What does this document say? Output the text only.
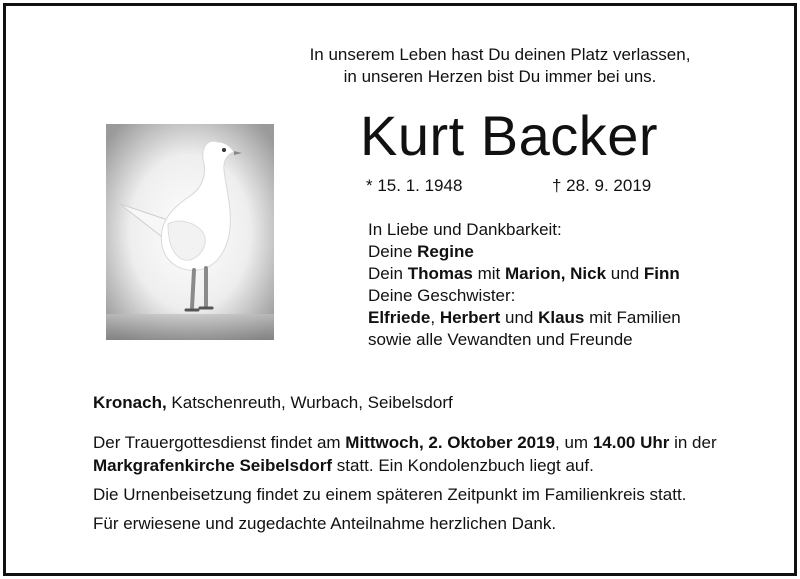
In unserem Leben hast Du deinen Platz verlassen,
in unseren Herzen bist Du immer bei uns.
Kurt Backer
* 15. 1. 1948	† 28. 9. 2019
In Liebe und Dankbarkeit:
Deine Regine
Dein Thomas mit Marion, Nick und Finn
Deine Geschwister:
Elfriede, Herbert und Klaus mit Familien
sowie alle Vewandten und Freunde
Kronach, Katschenreuth, Wurbach, Seibelsdorf

Der Trauergottesdienst findet am Mittwoch, 2. Oktober 2019, um 14.00 Uhr in der Markgrafenkirche Seibelsdorf statt. Ein Kondolenzbuch liegt auf.

Die Urnenbeisetzung findet zu einem späteren Zeitpunkt im Familienkreis statt.

Für erwiesene und zugedachte Anteilnahme herzlichen Dank.
